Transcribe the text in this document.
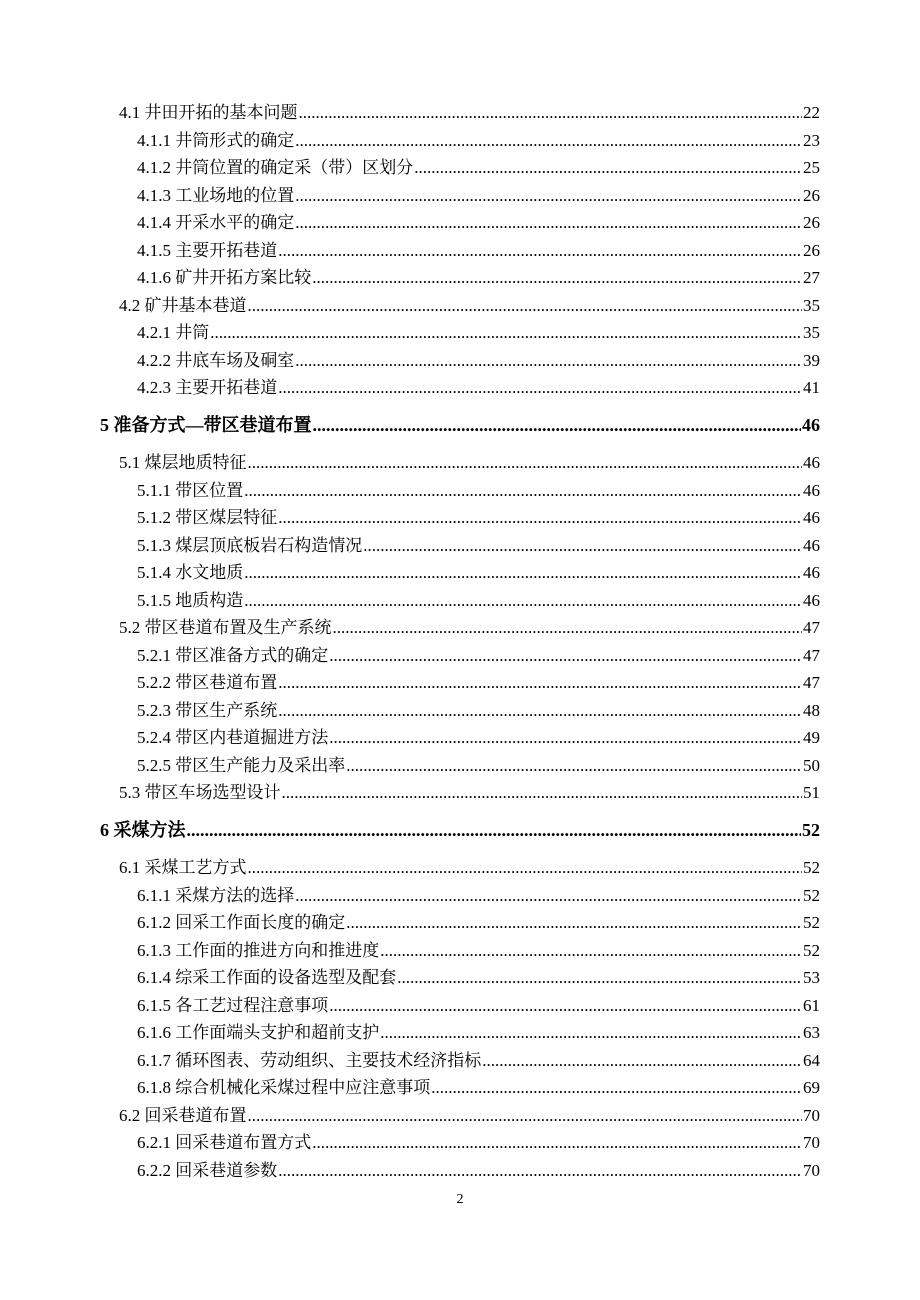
4.1 井田开拓的基本问题 .....	22
4.1.1 井筒形式的确定 .....	23
4.1.2 井筒位置的确定采（带）区划分 .....	25
4.1.3 工业场地的位置 .....	26
4.1.4 开采水平的确定 .....	26
4.1.5 主要开拓巷道 .....	26
4.1.6 矿井开拓方案比较 .....	27
4.2 矿井基本巷道 .....	35
4.2.1 井筒 .....	35
4.2.2 井底车场及硐室 .....	39
4.2.3 主要开拓巷道 .....	41
5 准备方式—带区巷道布置 .....	46
5.1 煤层地质特征 .....	46
5.1.1 带区位置 .....	46
5.1.2 带区煤层特征 .....	46
5.1.3 煤层顶底板岩石构造情况 .....	46
5.1.4 水文地质 .....	46
5.1.5 地质构造 .....	46
5.2 带区巷道布置及生产系统 .....	47
5.2.1 带区准备方式的确定 .....	47
5.2.2 带区巷道布置 .....	47
5.2.3 带区生产系统 .....	48
5.2.4 带区内巷道掘进方法 .....	49
5.2.5 带区生产能力及采出率 .....	50
5.3 带区车场选型设计 .....	51
6 采煤方法 .....	52
6.1 采煤工艺方式 .....	52
6.1.1 采煤方法的选择 .....	52
6.1.2 回采工作面长度的确定 .....	52
6.1.3 工作面的推进方向和推进度 .....	52
6.1.4 综采工作面的设备选型及配套 .....	53
6.1.5 各工艺过程注意事项 .....	61
6.1.6 工作面端头支护和超前支护 .....	63
6.1.7 循环图表、劳动组织、主要技术经济指标 .....	64
6.1.8 综合机械化采煤过程中应注意事项 .....	69
6.2 回采巷道布置 .....	70
6.2.1 回采巷道布置方式 .....	70
6.2.2 回采巷道参数 .....	70
2
